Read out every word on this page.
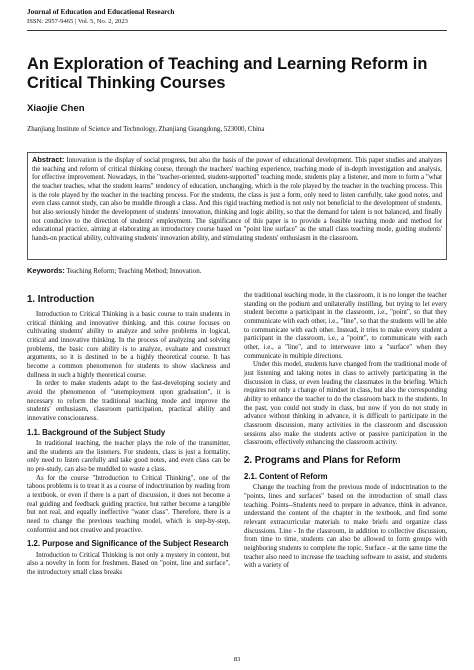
Journal of Education and Educational Research
ISSN: 2957-9465 | Vol. 5, No. 2, 2023
An Exploration of Teaching and Learning Reform in Critical Thinking Courses
Xiaojie Chen
Zhanjiang Institute of Science and Technology, Zhanjiang Guangdong, 523000, China
Abstract: Innovation is the display of social progress, but also the basis of the power of educational development. This paper studies and analyzes the teaching and reform of critical thinking course, through the teachers' teaching experience, teaching mode of in-depth investigation and analysis, for effective improvement. Nowadays, in the "teacher-oriented, student-supported" teaching mode, students play a listener, and more to form a "what the teacher teaches, what the student learns" tendency of education, unchanging, which is the role played by the teacher in the teaching process. This is the role played by the teacher in the teaching process. For the students, the class is just a form, only need to listen carefully, take good notes, and even class cannot study, can also be muddle through a class. And this rigid teaching method is not only not beneficial to the development of students, but also seriously hinder the development of students' innovation, thinking and logic ability, so that the demand for talent is not balanced, and finally not conducive to the direction of students' employment. The significance of this paper is to provide a feasible teaching mode and method for educational practice, aiming at elaborating an introductory course based on "point line surface" as the small class teaching mode, guiding students' hands-on practical ability, cultivating students' innovation ability, and stimulating students' enthusiasm in the classroom.
Keywords: Teaching Reform; Teaching Method; Innovation.
1. Introduction

Introduction to Critical Thinking is a basic course to train students in critical thinking and innovative thinking, and this course focuses on cultivating students' ability to analyze and solve problems in logical, critical and innovative thinking. In the process of analyzing and solving problems, the basic core ability is to analyze, evaluate and construct arguments, so it is destined to be a highly theoretical course. It has become a common phenomenon for students to show slackness and dullness in such a highly theoretical course.

In order to make students adapt to the fast-developing society and avoid the phenomenon of "unemployment upon graduation", it is necessary to reform the traditional teaching mode and improve the students' enthusiasm, classroom participation, practical ability and innovative consciousness.

1.1. Background of the Subject Study

In traditional teaching, the teacher plays the role of the transmitter, and the students are the listeners. For students, class is just a formality, only need to listen carefully and take good notes, and even class can be no pre-study, can also be muddled to waste a class.

As for the course "Introduction to Critical Thinking", one of the taboos problems is to treat it as a course of indoctrination by reading from a textbook, or even if there is a part of discussion, it does not become a real guiding and feedback guiding practice, but rather become a tangible but not real, and equally ineffective "water class". Therefore, there is a need to change the previous teaching model, which is step-by-step, conformist and not creative and proactive.

1.2. Purpose and Significance of the Subject Research

Introduction to Critical Thinking is not only a mystery in content, but also a novelty in form for freshmen. Based on "point, line and surface", the introductory small class breaks

the traditional teaching mode, in the classroom, it is no longer the teacher standing on the podium and unilaterally instilling, but trying to let every student become a participant in the classroom, i.e., "point", so that they communicate with each other, i.e., "line", so that the students will be able to communicate with each other. Instead, it tries to make every student a participant in the classroom, i.e., a "point", to communicate with each other, i.e., a "line", and to interweave into a "surface" when they communicate in multiple directions.

Under this model, students have changed from the traditional mode of just listening and taking notes in class to actively participating in the discussion in class, or even leading the classmates in the briefing. Which requires not only a change of mindset in class, but also the corresponding ability to enhance the teacher to do the classroom back to the students. In the past, you could not study in class, but now if you do not study in advance without thinking in advance, it is difficult to participate in the classroom discussion, many activities in the classroom and discussion sessions also make the students active or passive participation in the classroom, effectively enhancing the classroom activity.

2. Programs and Plans for Reform
2.1. Content of Reform

Change the teaching from the previous mode of indoctrination to the "points, lines and surfaces" based on the introduction of small class teaching. Points--Students need to prepare in advance, think in advance, understand the content of the chapter in the textbook, and find some relevant extracurricular materials to make briefs and organize class discussions. Line - In the classroom, in addition to collective discussion, from time to time, students can also be allowed to form groups with neighboring students to complete the topic. Surface - at the same time the teacher also need to increase the teaching software to assist, and students with a variety of

83
